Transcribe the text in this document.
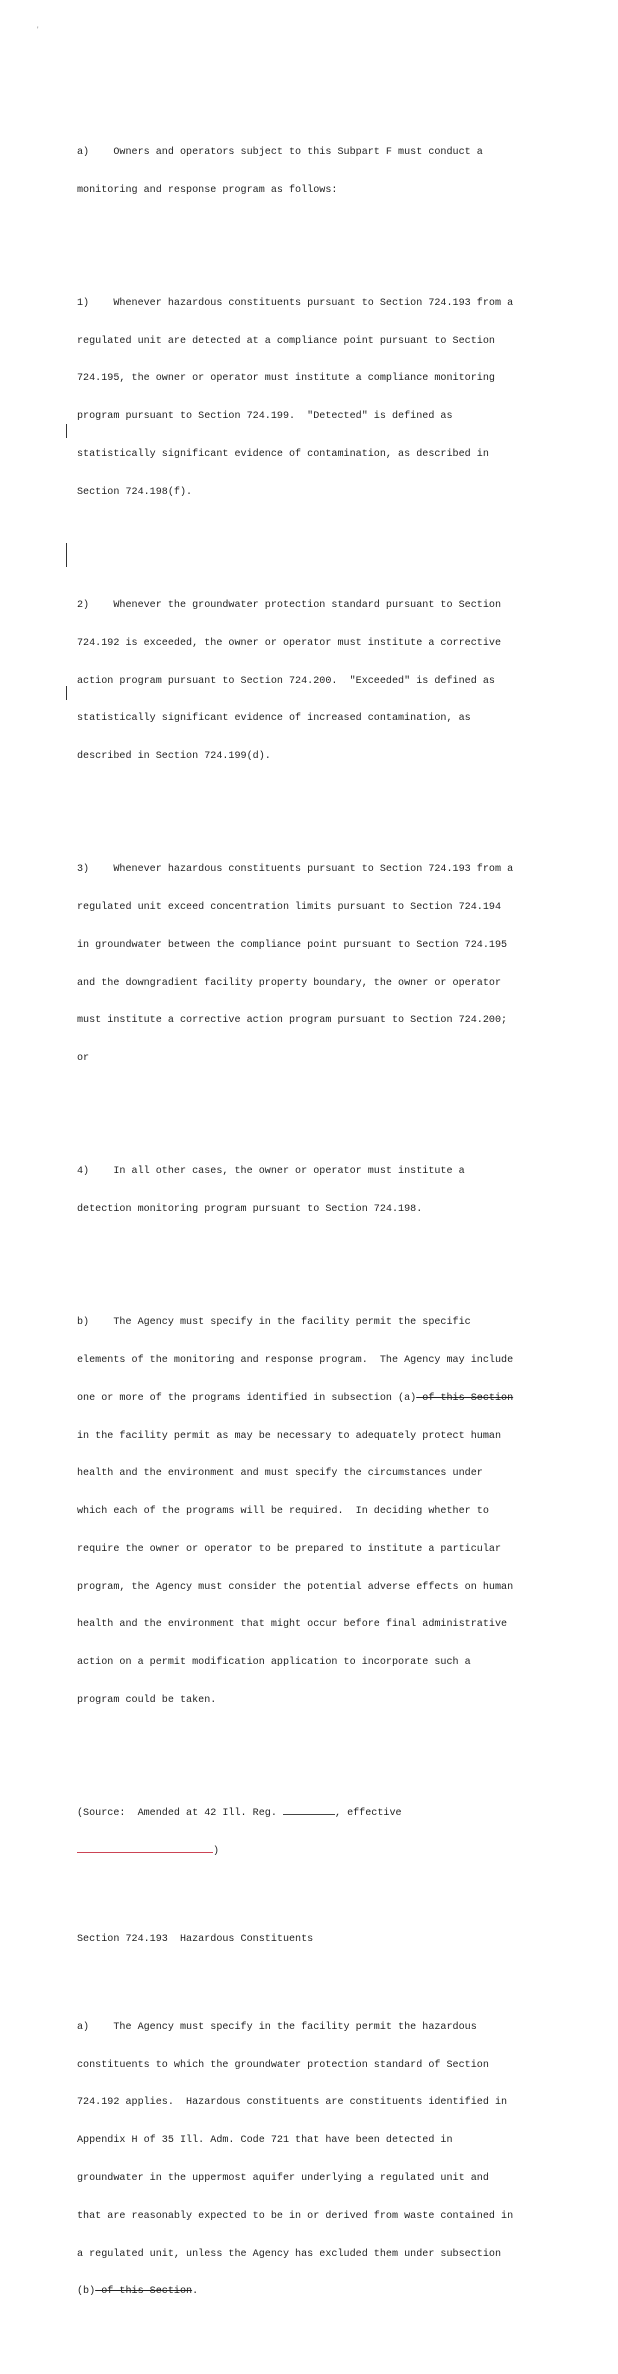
'

a)    Owners and operators subject to this Subpart F must conduct a

monitoring and response program as follows:

1)    Whenever hazardous constituents pursuant to Section 724.193 from a

regulated unit are detected at a compliance point pursuant to Section

724.195, the owner or operator must institute a compliance monitoring

program pursuant to Section 724.199.  "Detected" is defined as

statistically significant evidence of contamination, as described in

Section 724.198(f).

2)    Whenever the groundwater protection standard pursuant to Section

724.192 is exceeded, the owner or operator must institute a corrective

action program pursuant to Section 724.200.  "Exceeded" is defined as

statistically significant evidence of increased contamination, as

described in Section 724.199(d).

3)    Whenever hazardous constituents pursuant to Section 724.193 from a

regulated unit exceed concentration limits pursuant to Section 724.194

in groundwater between the compliance point pursuant to Section 724.195

and the downgradient facility property boundary, the owner or operator

must institute a corrective action program pursuant to Section 724.200;

or

4)    In all other cases, the owner or operator must institute a

detection monitoring program pursuant to Section 724.198.

b)    The Agency must specify in the facility permit the specific

elements of the monitoring and response program.  The Agency may include

one or more of the programs identified in subsection (a) of this Section

in the facility permit as may be necessary to adequately protect human

health and the environment and must specify the circumstances under

which each of the programs will be required.  In deciding whether to

require the owner or operator to be prepared to institute a particular

program, the Agency must consider the potential adverse effects on human

health and the environment that might occur before final administrative

action on a permit modification application to incorporate such a

program could be taken.

(Source:  Amended at 42 Ill. Reg.	, effective

)

Section 724.193  Hazardous Constituents

a)    The Agency must specify in the facility permit the hazardous

constituents to which the groundwater protection standard of Section

724.192 applies.  Hazardous constituents are constituents identified in

Appendix H of 35 Ill. Adm. Code 721 that have been detected in

groundwater in the uppermost aquifer underlying a regulated unit and

that are reasonably expected to be in or derived from waste contained in

a regulated unit, unless the Agency has excluded them under subsection

(b) of this Section.
